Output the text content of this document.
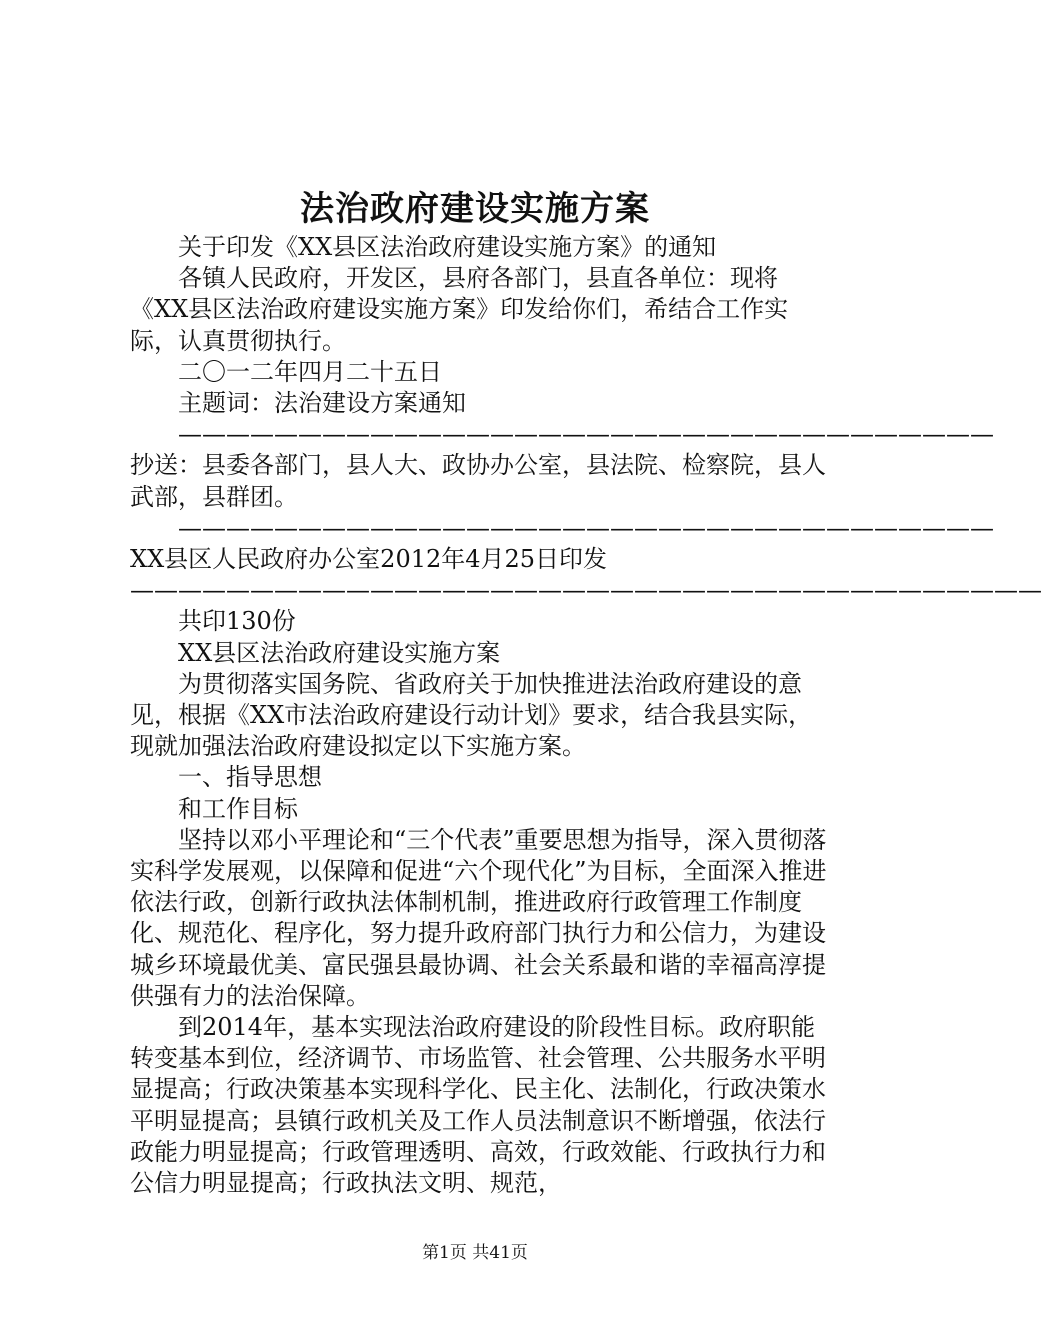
法治政府建设实施方案

关于印发《XX县区法治政府建设实施方案》的通知

各镇人民政府，开发区，县府各部门，县直各单位：现将《XX县区法治政府建设实施方案》印发给你们，希结合工作实际，认真贯彻执行。

二〇一二年四月二十五日

主题词：法治建设方案通知

——————————————————————————————————抄送：县委各部门，县人大、政协办公室，县法院、检察院，县人武部，县群团。

——————————————————————————————————XX县区人民政府办公室2012年4月25日印发——————————————————————————————————————

共印130份

XX县区法治政府建设实施方案

为贯彻落实国务院、省政府关于加快推进法治政府建设的意见，根据《XX市法治政府建设行动计划》要求，结合我县实际，现就加强法治政府建设拟定以下实施方案。

一、指导思想

和工作目标

坚持以邓小平理论和“三个代表”重要思想为指导，深入贯彻落实科学发展观，以保障和促进“六个现代化”为目标，全面深入推进依法行政，创新行政执法体制机制，推进政府行政管理工作制度化、规范化、程序化，努力提升政府部门执行力和公信力，为建设城乡环境最优美、富民强县最协调、社会关系最和谐的幸福高淳提供强有力的法治保障。

到2014年，基本实现法治政府建设的阶段性目标。政府职能转变基本到位，经济调节、市场监管、社会管理、公共服务水平明显提高；行政决策基本实现科学化、民主化、法制化，行政决策水平明显提高；县镇行政机关及工作人员法制意识不断增强，依法行政能力明显提高；行政管理透明、高效，行政效能、行政执行力和公信力明显提高；行政执法文明、规范，

第1页 共41页
